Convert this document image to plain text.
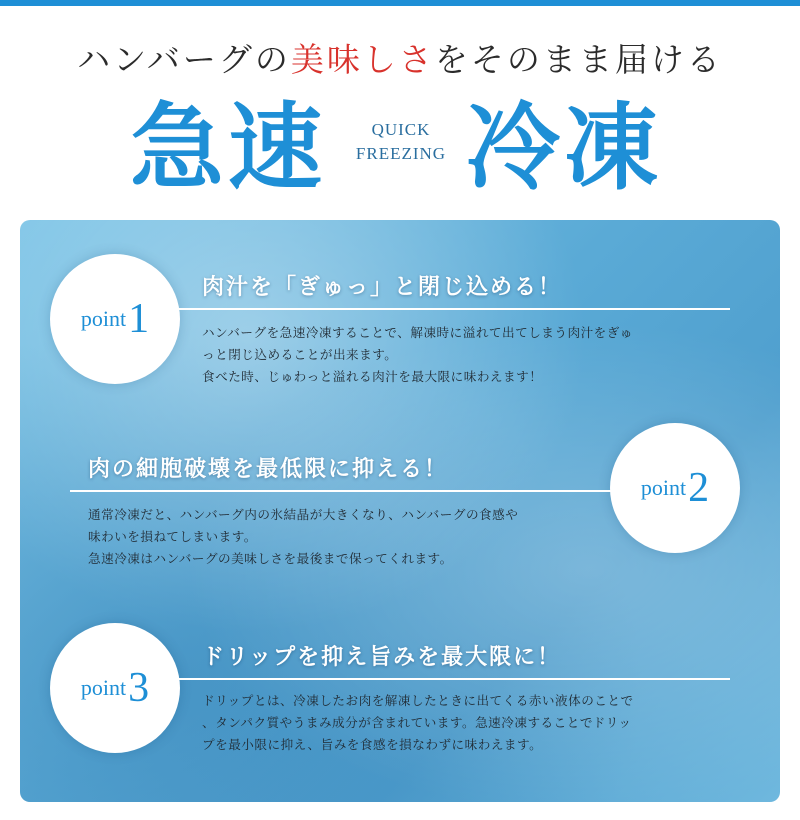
ハンバーグの美味しさをそのまま届ける
急速	QUICK
FREEZING 冷凍
point 1
肉汁を「ぎゅっ」と閉じ込める！
ハンバーグを急速冷凍することで、解凍時に溢れて出てしまう肉汁をぎゅ
っと閉じ込めることが出来ます。
食べた時、じゅわっと溢れる肉汁を最大限に味わえます！
point 2
肉の細胞破壊を最低限に抑える！
通常冷凍だと、ハンバーグ内の氷結晶が大きくなり、ハンバーグの食感や
味わいを損ねてしまいます。
急速冷凍はハンバーグの美味しさを最後まで保ってくれます。
point 3
ドリップを抑え旨みを最大限に！
ドリップとは、冷凍したお肉を解凍したときに出てくる赤い液体のことで
、タンパク質やうまみ成分が含まれています。急速冷凍することでドリッ
プを最小限に抑え、旨みを食感を損なわずに味わえます。
